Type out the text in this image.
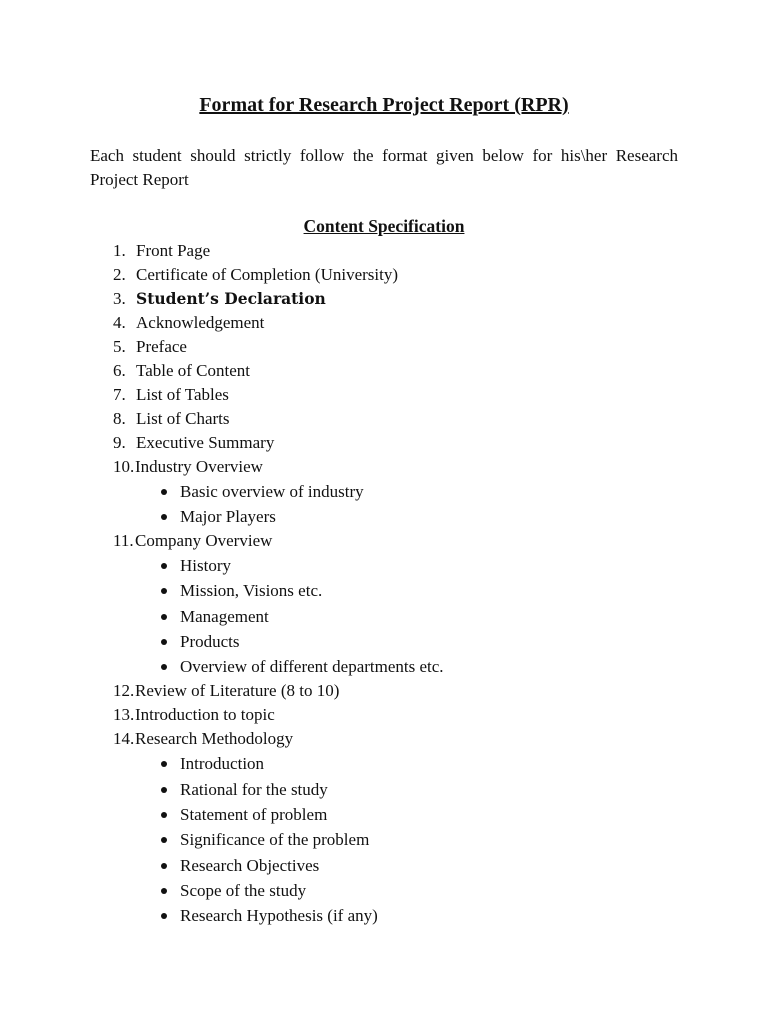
Format for Research Project Report (RPR)
Each student should strictly follow the format given below for his\her Research Project Report
Content Specification
1. Front Page
2. Certificate of Completion (University)
3. Student’s Declaration
4. Acknowledgement
5. Preface
6. Table of Content
7. List of Tables
8. List of Charts
9. Executive Summary
10. Industry Overview
Basic overview of industry
Major Players
11. Company Overview
History
Mission, Visions etc.
Management
Products
Overview of different departments etc.
12. Review of Literature (8 to 10)
13. Introduction to topic
14. Research Methodology
Introduction
Rational for the study
Statement of problem
Significance of the problem
Research Objectives
Scope of the study
Research Hypothesis (if any)
